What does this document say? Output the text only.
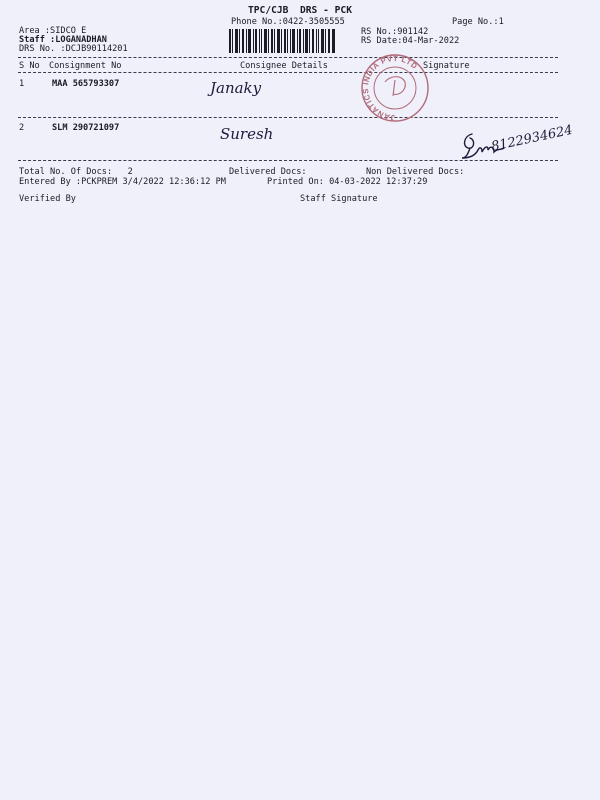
TPC/CJB  DRS - PCK
Phone No.:0422-3505555	Page No.:1
Area :SIDCO E
Staff :LOGANADHAN
DRS No. :DCJB90114201
RS No.:901142
RS Date:04-Mar-2022
S No Consignment No	Consignee Details	Signature
1	MAA 565793307	Janaky
2	SLM 290721097	Suresh	8122934624
JANATICS INDIA PVT LTD
Total No. Of Docs:   2	Delivered Docs:	Non Delivered Docs:
Entered By :PCKPREM 3/4/2022 12:36:12 PM	Printed On: 04-03-2022 12:37:29
Verified By	Staff Signature
